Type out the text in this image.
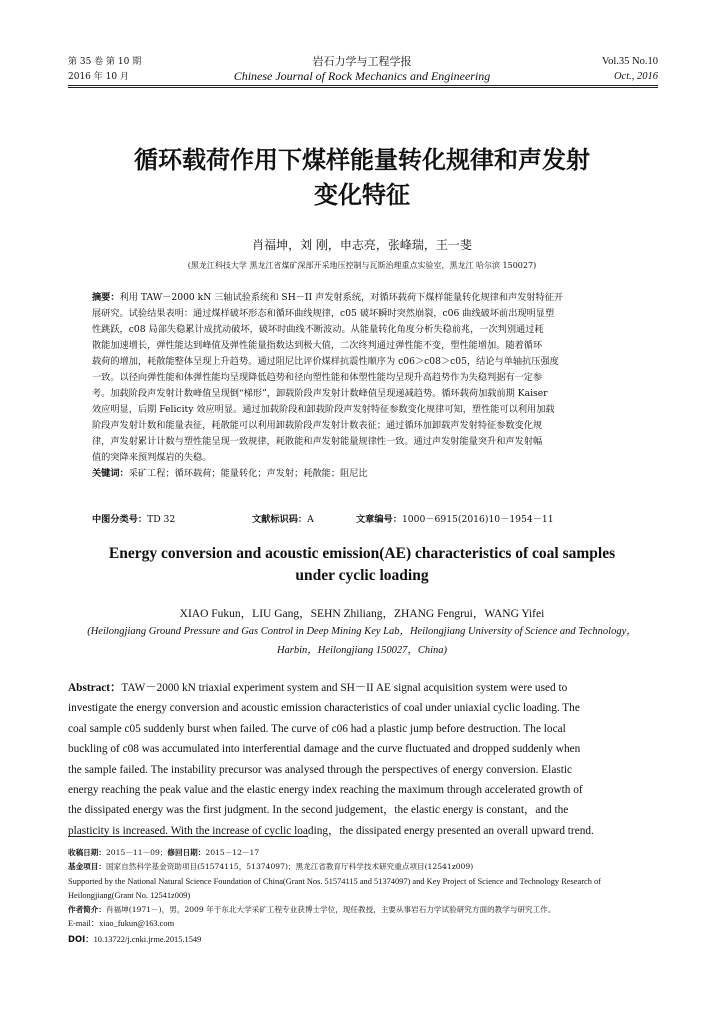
第 35 卷 第 10 期
2016 年 10 月
岩石力学与工程学报
Chinese Journal of Rock Mechanics and Engineering
Vol.35 No.10
Oct., 2016
循环载荷作用下煤样能量转化规律和声发射
变化特征
肖福坤，刘 刚，申志亮，张峰瑞，王一斐
(黑龙江科技大学 黑龙江省煤矿深部开采地压控制与瓦斯治理重点实验室，黑龙江 哈尔滨 150027)
摘要：利用 TAW－2000 kN 三轴试验系统和 SH－II 声发射系统，对循环载荷下煤样能量转化规律和声发射特征开
展研究。试验结果表明：通过煤样破坏形态和循环曲线规律，c05 破坏瞬时突然崩裂，c06 曲线破坏前出现明显塑
性跳跃，c08 局部失稳累计成扰动破坏，破坏时曲线不断波动。从能量转化角度分析失稳前兆，一次判别通过耗
散能加速增长，弹性能达到峰值及弹性能量指数达到极大值，二次终判通过弹性能不变，塑性能增加。随着循环
载荷的增加，耗散能整体呈现上升趋势。通过阻尼比评价煤样抗震性顺序为 c06＞c08＞c05，结论与单轴抗压强度
一致。以径向弹性能和体弹性能均呈现降低趋势和径向塑性能和体塑性能均呈现升高趋势作为失稳判据有一定参
考。加载阶段声发射计数峰值呈现倒“梯形”，卸载阶段声发射计数峰值呈现递减趋势。循环载荷加载前期 Kaiser
效应明显，后期 Felicity 效应明显。通过加载阶段和卸载阶段声发射特征参数变化规律可知，塑性能可以利用加载
阶段声发射计数和能量表征，耗散能可以利用卸载阶段声发射计数表征；通过循环加卸载声发射特征参数变化规
律，声发射累计计数与塑性能呈现一致规律，耗散能和声发射能量规律性一致。通过声发射能量突升和声发射幅
值的突降来预判煤岩的失稳。
关键词：采矿工程；循环载荷；能量转化；声发射；耗散能；阻尼比
中图分类号：TD 32	文献标识码：A	文章编号：1000－6915(2016)10－1954－11
Energy conversion and acoustic emission(AE) characteristics of coal samples
under cyclic loading
XIAO Fukun，LIU Gang，SEHN Zhiliang，ZHANG Fengrui，WANG Yifei
(Heilongjiang Ground Pressure and Gas Control in Deep Mining Key Lab，Heilongjiang University of Science and Technology，
Harbin，Heilongjiang 150027，China)
Abstract：TAW－2000 kN triaxial experiment system and SH－II AE signal acquisition system were used to
investigate the energy conversion and acoustic emission characteristics of coal under uniaxial cyclic loading. The
coal sample c05 suddenly burst when failed. The curve of c06 had a plastic jump before destruction. The local
buckling of c08 was accumulated into interferential damage and the curve fluctuated and dropped suddenly when
the sample failed. The instability precursor was analysed through the perspectives of energy conversion. Elastic
energy reaching the peak value and the elastic energy index reaching the maximum through accelerated growth of
the dissipated energy was the first judgment. In the second judgement，the elastic energy is constant，and the
plasticity is increased. With the increase of cyclic loading，the dissipated energy presented an overall upward trend.
收稿日期：2015－11－09；修回日期：2015－12－17
基金项目：国家自然科学基金资助项目(51574115，51374097)；黑龙江省教育厅科学技术研究重点项目(12541z009)
Supported by the National Natural Science Foundation of China(Grant Nos. 51574115 and 51374097) and Key Project of Science and Technology Research of
Heilongjiang(Grant No. 12541z009)
作者简介：肖福坤(1971－)，男，2009 年于东北大学采矿工程专业获博士学位，现任教授，主要从事岩石力学试验研究方面的教学与研究工作。
E-mail：xiao_fukun@163.com
DOI：10.13722/j.cnki.jrme.2015.1549
